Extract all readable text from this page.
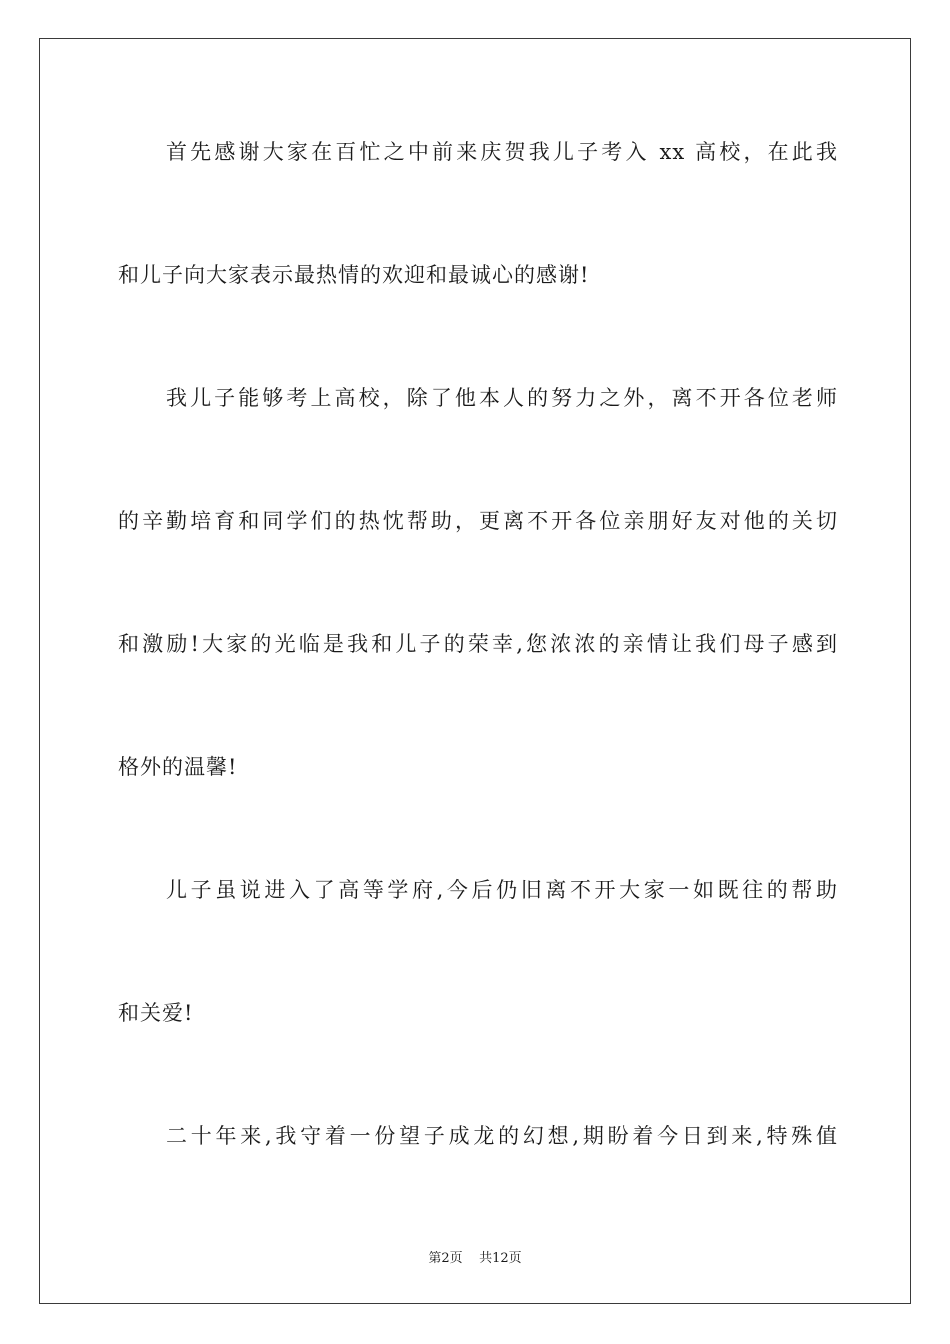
首先感谢大家在百忙之中前来庆贺我儿子考入 xx 高校，在此我

和儿子向大家表示最热情的欢迎和最诚心的感谢!

我儿子能够考上高校，除了他本人的努力之外，离不开各位老师

的辛勤培育和同学们的热忱帮助，更离不开各位亲朋好友对他的关切

和激励!大家的光临是我和儿子的荣幸,您浓浓的亲情让我们母子感到

格外的温馨!

儿子虽说进入了高等学府,今后仍旧离不开大家一如既往的帮助

和关爱!

二十年来,我守着一份望子成龙的幻想,期盼着今日到来,特殊值

第2页 共12页
